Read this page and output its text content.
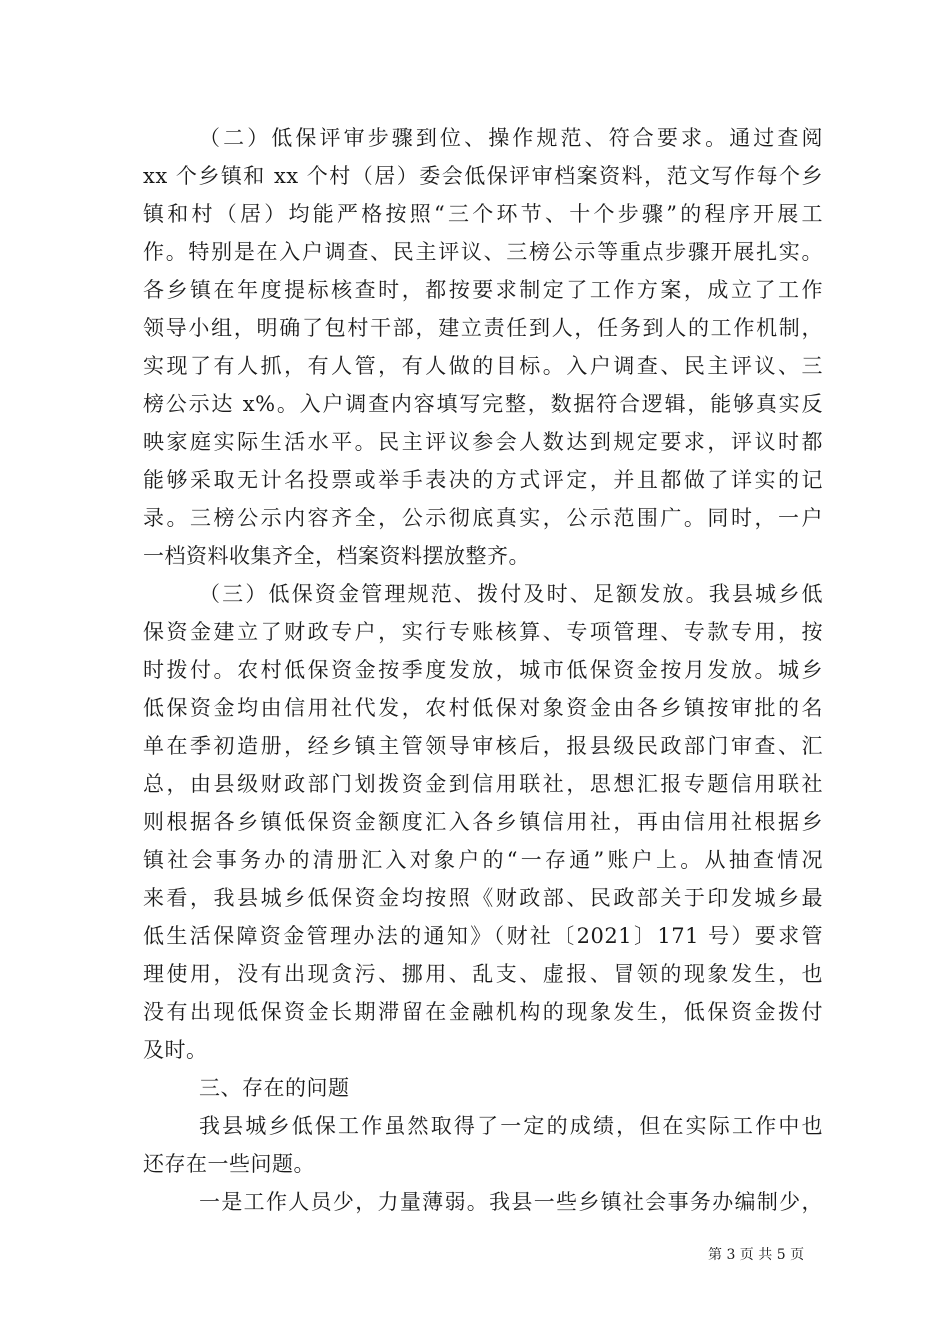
（二）低保评审步骤到位、操作规范、符合要求。通过查阅
xx 个乡镇和 xx 个村（居）委会低保评审档案资料，范文写作每个乡
镇和村（居）均能严格按照“三个环节、十个步骤”的程序开展工
作。特别是在入户调查、民主评议、三榜公示等重点步骤开展扎实。
各乡镇在年度提标核查时，都按要求制定了工作方案，成立了工作
领导小组，明确了包村干部，建立责任到人，任务到人的工作机制，
实现了有人抓，有人管，有人做的目标。入户调查、民主评议、三
榜公示达 x%。入户调查内容填写完整，数据符合逻辑，能够真实反
映家庭实际生活水平。民主评议参会人数达到规定要求，评议时都
能够采取无计名投票或举手表决的方式评定，并且都做了详实的记
录。三榜公示内容齐全，公示彻底真实，公示范围广。同时，一户
一档资料收集齐全，档案资料摆放整齐。
（三）低保资金管理规范、拨付及时、足额发放。我县城乡低
保资金建立了财政专户，实行专账核算、专项管理、专款专用，按
时拨付。农村低保资金按季度发放，城市低保资金按月发放。城乡
低保资金均由信用社代发，农村低保对象资金由各乡镇按审批的名
单在季初造册，经乡镇主管领导审核后，报县级民政部门审查、汇
总，由县级财政部门划拨资金到信用联社，思想汇报专题信用联社
则根据各乡镇低保资金额度汇入各乡镇信用社，再由信用社根据乡
镇社会事务办的清册汇入对象户的“一存通”账户上。从抽查情况
来看，我县城乡低保资金均按照《财政部、民政部关于印发城乡最
低生活保障资金管理办法的通知》（财社〔2021〕171 号）要求管
理使用，没有出现贪污、挪用、乱支、虚报、冒领的现象发生，也
没有出现低保资金长期滞留在金融机构的现象发生，低保资金拨付
及时。
三、存在的问题
我县城乡低保工作虽然取得了一定的成绩，但在实际工作中也
还存在一些问题。
一是工作人员少，力量薄弱。我县一些乡镇社会事务办编制少，
第 3 页 共 5 页
